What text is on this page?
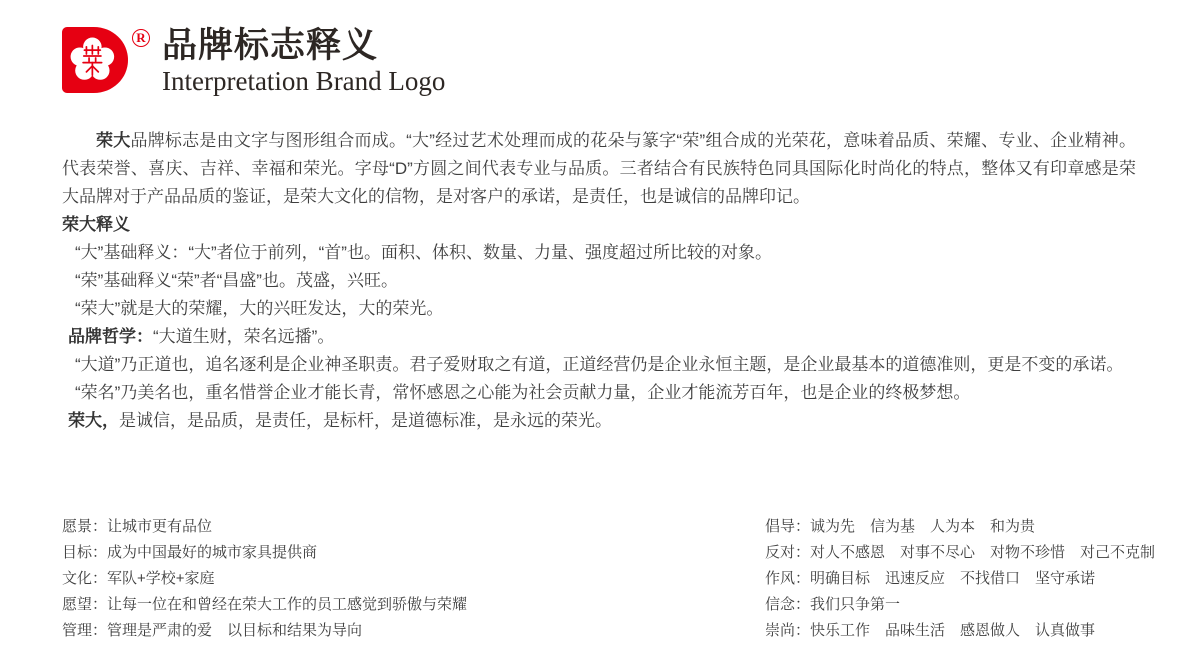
R 品牌标志释义
Interpretation Brand Logo

荣大品牌标志是由文字与图形组合而成。“大”经过艺术处理而成的花朵与篆字“荣”组合成的光荣花，意味着品质、荣耀、专业、企业精神。代表荣誉、喜庆、吉祥、幸福和荣光。字母“D”方圆之间代表专业与品质。三者结合有民族特色同具国际化时尚化的特点，整体又有印章感是荣大品牌对于产品品质的鉴证，是荣大文化的信物，是对客户的承诺，是责任，也是诚信的品牌印记。

荣大释义
“大”基础释义：“大”者位于前列，“首”也。面积、体积、数量、力量、强度超过所比较的对象。
“荣”基础释义“荣”者“昌盛”也。茂盛，兴旺。
“荣大”就是大的荣耀，大的兴旺发达，大的荣光。
品牌哲学：“大道生财，荣名远播”。
“大道”乃正道也，追名逐利是企业神圣职责。君子爱财取之有道，正道经营仍是企业永恒主题，是企业最基本的道德准则，更是不变的承诺。
“荣名”乃美名也，重名惜誉企业才能长青，常怀感恩之心能为社会贡献力量，企业才能流芳百年，也是企业的终极梦想。
荣大，是诚信，是品质，是责任，是标杆，是道德标准，是永远的荣光。
愿景：让城市更有品位
目标：成为中国最好的城市家具提供商
文化：军队+学校+家庭
愿望：让每一位在和曾经在荣大工作的员工感觉到骄傲与荣耀
管理：管理是严肃的爱　以目标和结果为导向
倡导：诚为先　信为基　人为本　和为贵
反对：对人不感恩　对事不尽心　对物不珍惜　对己不克制
作风：明确目标　迅速反应　不找借口　坚守承诺
信念：我们只争第一
崇尚：快乐工作　品味生活　感恩做人　认真做事
